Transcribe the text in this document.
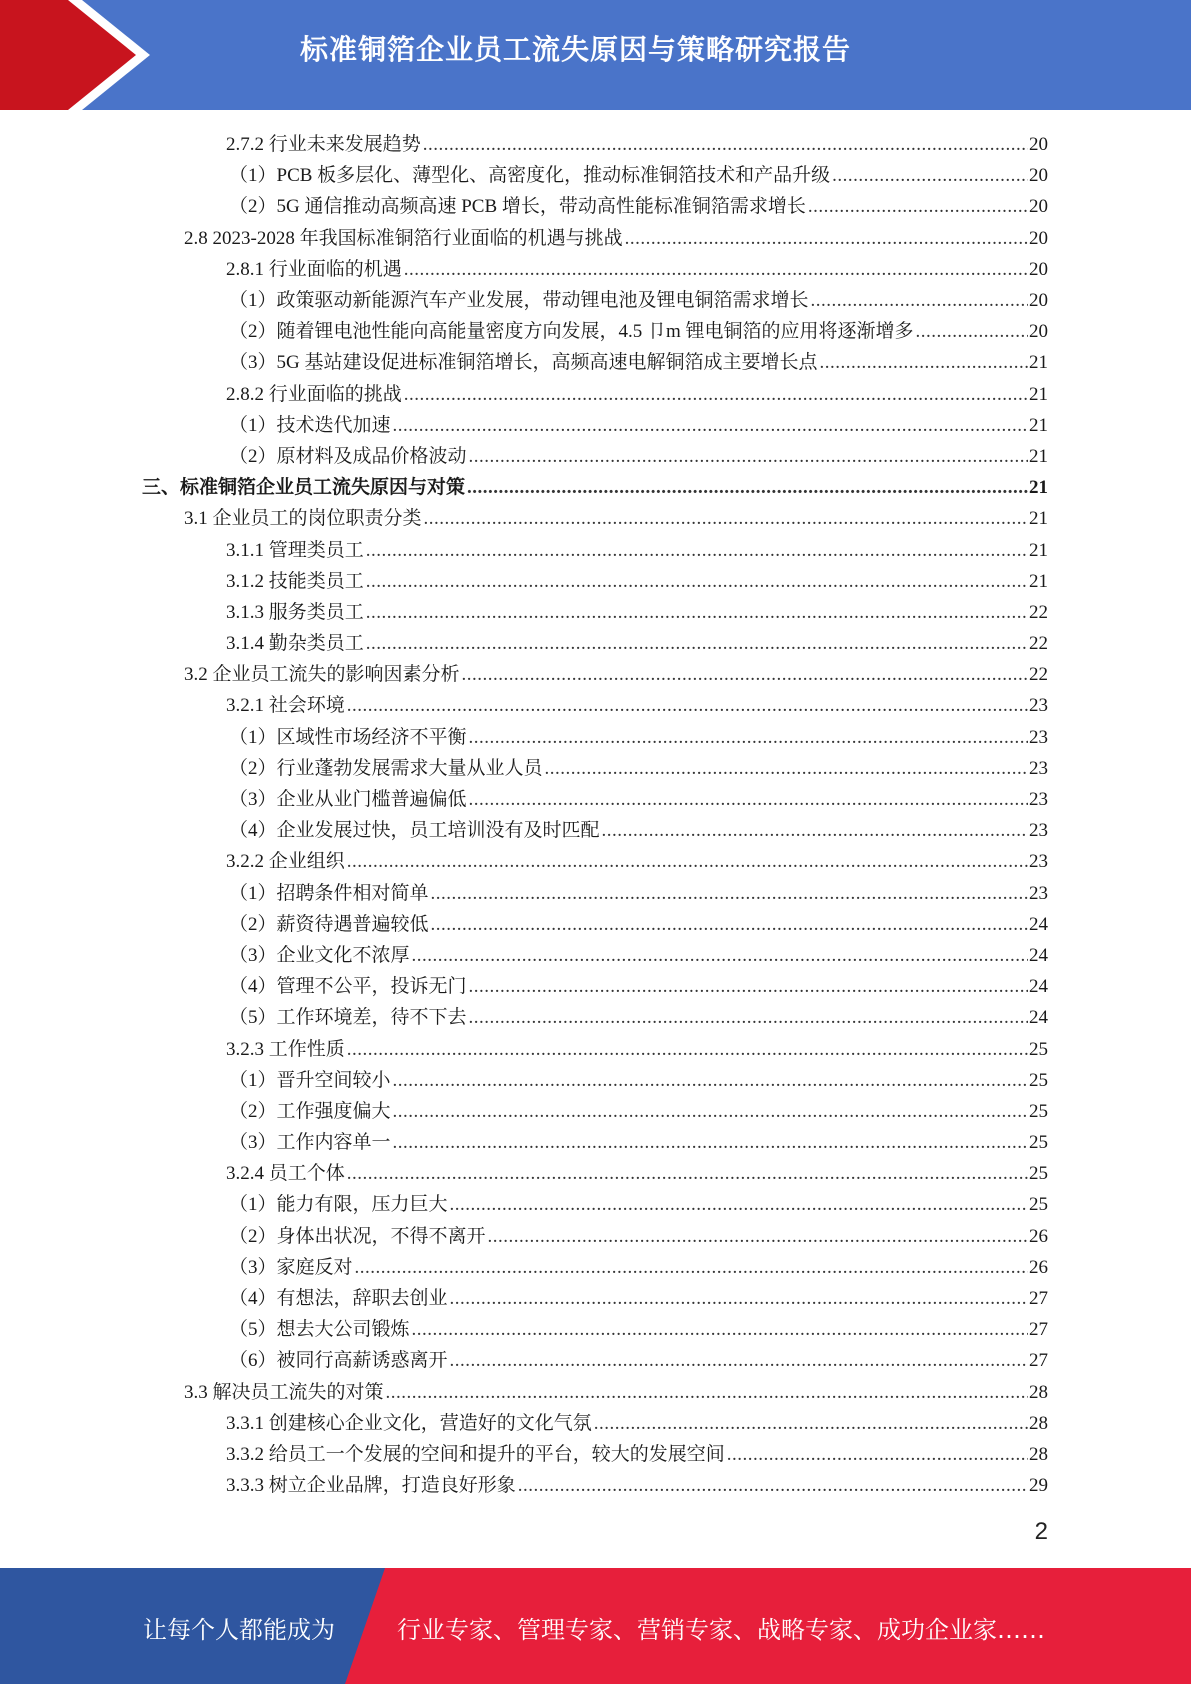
标准铜箔企业员工流失原因与策略研究报告
2.7.2 行业未来发展趋势 .....	20
（1）PCB 板多层化、薄型化、高密度化，推动标准铜箔技术和产品升级 .....	20
（2）5G 通信推动高频高速 PCB 增长，带动高性能标准铜箔需求增长 .....	20
2.8 2023-2028 年我国标准铜箔行业面临的机遇与挑战 .....	20
2.8.1 行业面临的机遇 .....	20
（1）政策驱动新能源汽车产业发展，带动锂电池及锂电铜箔需求增长 .....	20
（2）随着锂电池性能向高能量密度方向发展，4.5 卩m 锂电铜箔的应用将逐渐增多 .....	20
（3）5G 基站建设促进标准铜箔增长，高频高速电解铜箔成主要增长点 .....	21
2.8.2 行业面临的挑战 .....	21
（1）技术迭代加速 .....	21
（2）原材料及成品价格波动 .....	21
三、标准铜箔企业员工流失原因与对策 .....	21
3.1 企业员工的岗位职责分类 .....	21
3.1.1 管理类员工 .....	21
3.1.2 技能类员工 .....	21
3.1.3 服务类员工 .....	22
3.1.4 勤杂类员工 .....	22
3.2 企业员工流失的影响因素分析 .....	22
3.2.1 社会环境 .....	23
（1）区域性市场经济不平衡 .....	23
（2）行业蓬勃发展需求大量从业人员 .....	23
（3）企业从业门槛普遍偏低 .....	23
（4）企业发展过快，员工培训没有及时匹配 .....	23
3.2.2 企业组织 .....	23
（1）招聘条件相对简单 .....	23
（2）薪资待遇普遍较低 .....	24
（3）企业文化不浓厚 .....	24
（4）管理不公平，投诉无门 .....	24
（5）工作环境差，待不下去 .....	24
3.2.3 工作性质 .....	25
（1）晋升空间较小 .....	25
（2）工作强度偏大 .....	25
（3）工作内容单一 .....	25
3.2.4 员工个体 .....	25
（1）能力有限，压力巨大 .....	25
（2）身体出状况，不得不离开 .....	26
（3）家庭反对 .....	26
（4）有想法，辞职去创业 .....	27
（5）想去大公司锻炼 .....	27
（6）被同行高薪诱惑离开 .....	27
3.3 解决员工流失的对策 .....	28
3.3.1 创建核心企业文化，营造好的文化气氛 .....	28
3.3.2 给员工一个发展的空间和提升的平台，较大的发展空间 .....	28
3.3.3 树立企业品牌，打造良好形象 .....	29
2
让每个人都能成为	行业专家、管理专家、营销专家、战略专家、成功企业家……
